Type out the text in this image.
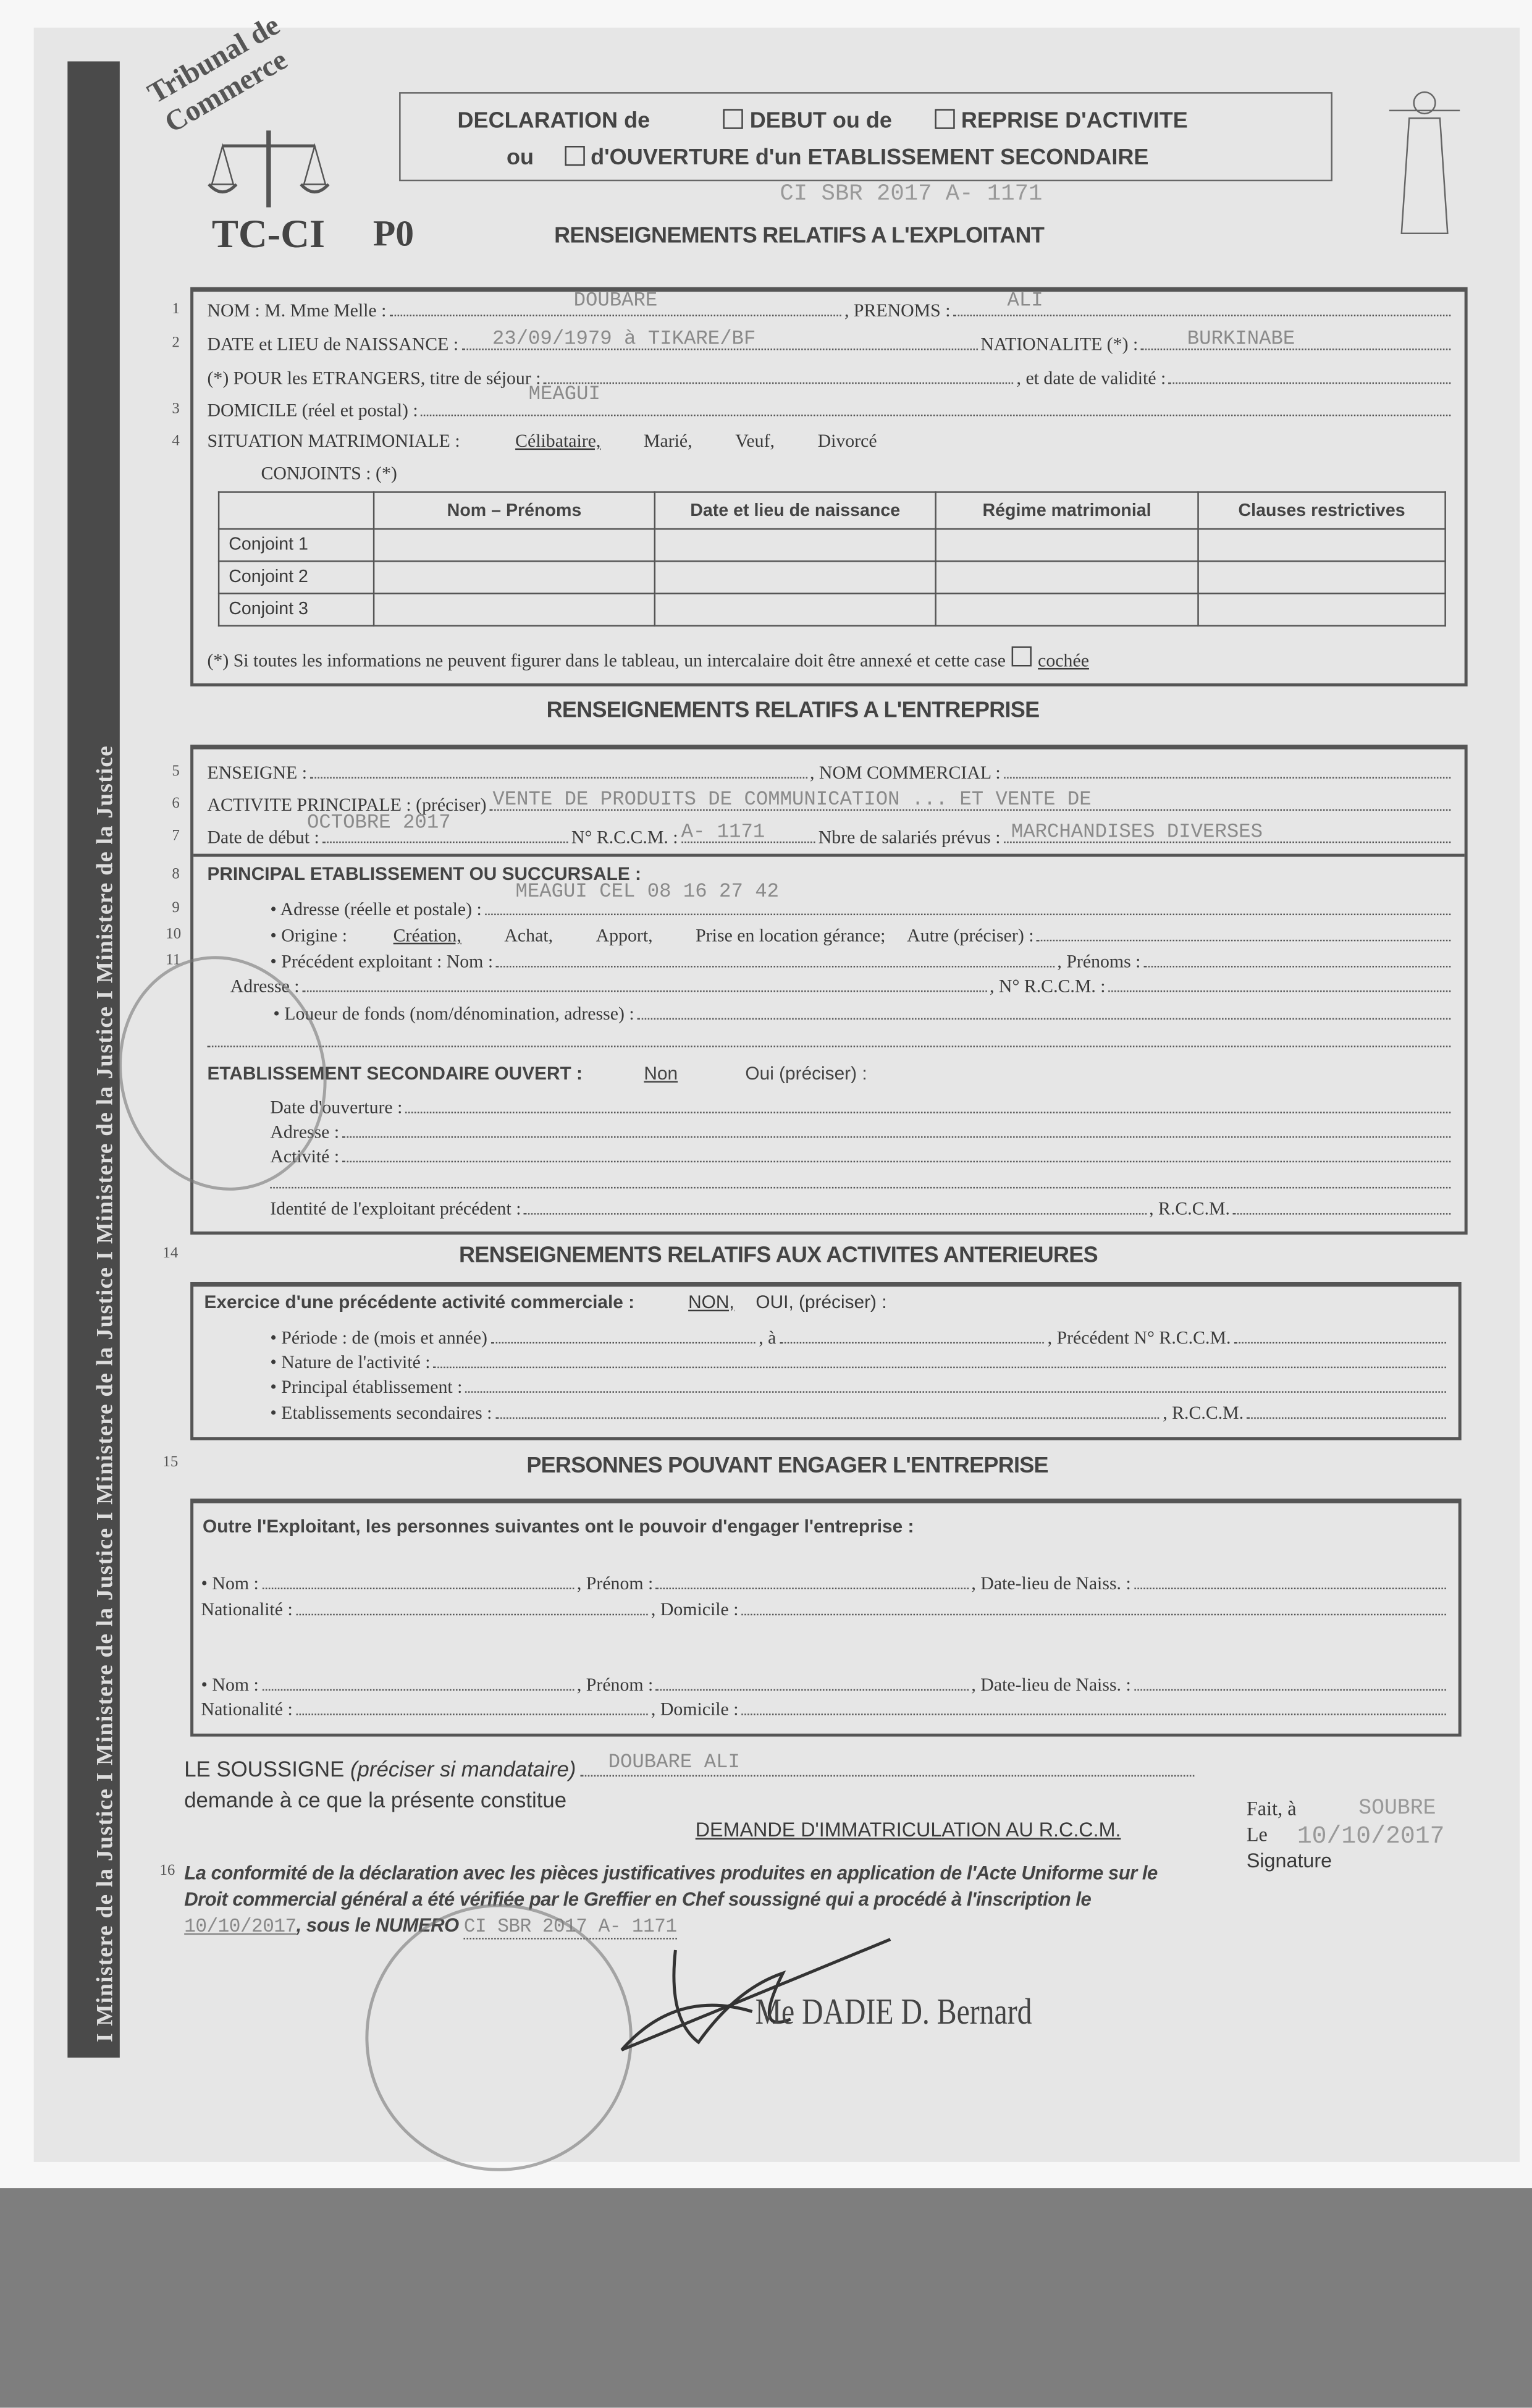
I Ministere de la Justice I Ministere de la Justice I Ministere de la Justice I Ministere de la Justice I Ministere de la Justice
Tribunal de Commerce
TC-CI	P0
DECLARATION de	DEBUT ou de	REPRISE D'ACTIVITE
ou	d'OUVERTURE d'un ETABLISSEMENT SECONDAIRE
CI SBR 2017 A- 1171
RENSEIGNEMENTS RELATIFS A L'EXPLOITANT
1
2
3
4
NOM : M. Mme Melle :	DOUBARE	, PRENOMS :	ALI
DATE et LIEU de NAISSANCE :	23/09/1979 à TIKARE/BF	NATIONALITE (*) :	BURKINABE
(*) POUR les ETRANGERS, titre de séjour :	, et date de validité :
DOMICILE (réel et postal) :
MEAGUI
SITUATION MATRIMONIALE :	Célibataire,	Marié,	Veuf,	Divorcé
CONJOINTS : (*)
	Nom – Prénoms	Date et lieu de naissance	Régime matrimonial	Clauses restrictives
Conjoint 1				
Conjoint 2				
Conjoint 3				
(*) Si toutes les informations ne peuvent figurer dans le tableau, un intercalaire doit être annexé et cette case	cochée
RENSEIGNEMENTS RELATIFS A L'ENTREPRISE
5
6
7
8
9
10
11
ENSEIGNE :	, NOM COMMERCIAL :
ACTIVITE PRINCIPALE : (préciser) VENTE DE PRODUITS DE COMMUNICATION ... ET VENTE DE
Date de début :
OCTOBRE 2017
N° R.C.C.M. : A- 1171	Nbre de salariés prévus :	MARCHANDISES DIVERSES
PRINCIPAL ETABLISSEMENT OU SUCCURSALE :
• Adresse (réelle et postale) :
MEAGUI CEL 08 16 27 42
• Origine :	Création,	Achat,	Apport,	Prise en location gérance;	Autre (préciser) :
• Précédent exploitant : Nom :	, Prénoms :
Adresse :	, N° R.C.C.M. :
• Loueur de fonds (nom/dénomination, adresse) :
ETABLISSEMENT SECONDAIRE OUVERT :	Non	Oui (préciser) :
Date d'ouverture :
Adresse :
Activité :
Identité de l'exploitant précédent :	, R.C.C.M.
14	RENSEIGNEMENTS RELATIFS AUX ACTIVITES ANTERIEURES
Exercice d'une précédente activité commerciale :	NON,	OUI, (préciser) :
• Période : de (mois et année)	, à	, Précédent N° R.C.C.M.
• Nature de l'activité :
• Principal établissement :
• Etablissements secondaires :	, R.C.C.M.
15	PERSONNES POUVANT ENGAGER L'ENTREPRISE
Outre l'Exploitant, les personnes suivantes ont le pouvoir d'engager l'entreprise :
• Nom :	, Prénom :	, Date-lieu de Naiss. :
Nationalité :	, Domicile :
• Nom :	, Prénom :	, Date-lieu de Naiss. :
Nationalité :	, Domicile :
LE SOUSSIGNE
(préciser si mandataire)	DOUBARE ALI
demande à ce que la présente constitue
DEMANDE D'IMMATRICULATION AU R.C.C.M.
Fait, à	SOUBRE
Le	10/10/2017
Signature
16 La conformité de la déclaration avec les pièces justificatives produites en application de l'Acte Uniforme sur le Droit commercial général a été vérifiée par le Greffier en Chef soussigné qui a procédé à l'inscription le 10/10/2017, sous le NUMERO CI SBR 2017 A- 1171
Me DADIE D. Bernard
